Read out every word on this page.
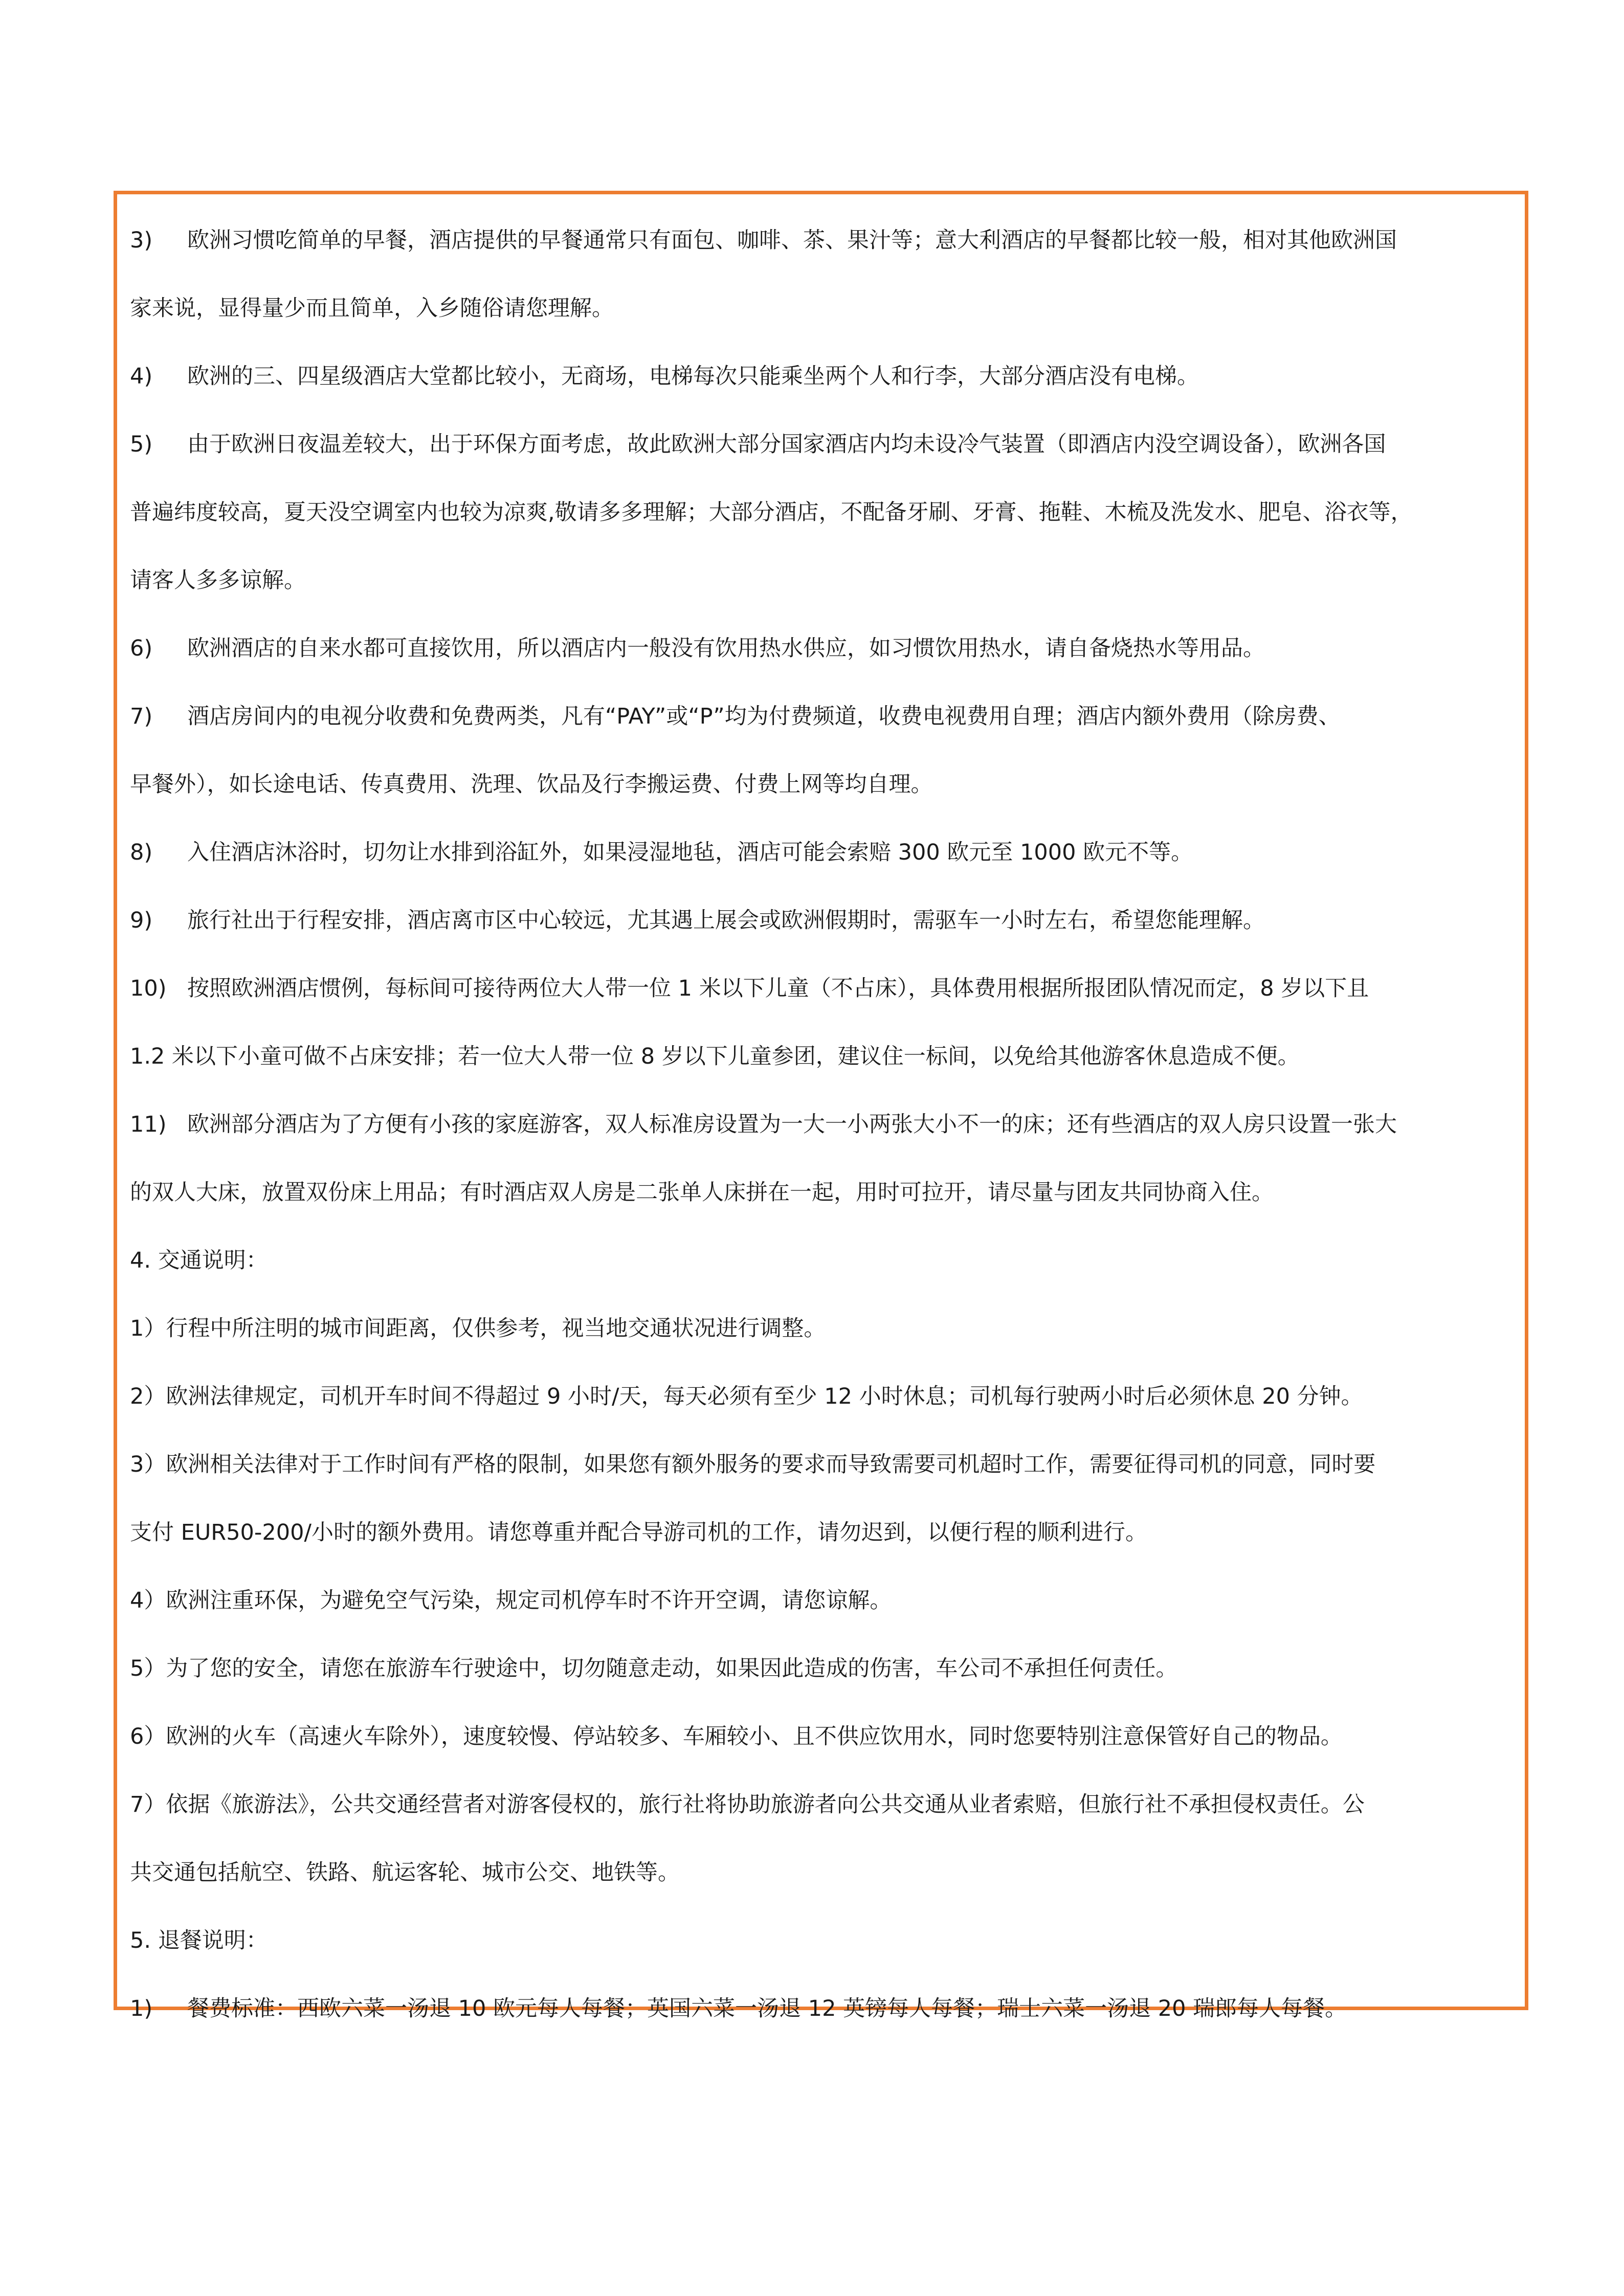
3) 欧洲习惯吃简单的早餐，酒店提供的早餐通常只有面包、咖啡、茶、果汁等；意大利酒店的早餐都比较一般，相对其他欧洲国
家来说，显得量少而且简单，入乡随俗请您理解。
4) 欧洲的三、四星级酒店大堂都比较小，无商场，电梯每次只能乘坐两个人和行李，大部分酒店没有电梯。
5) 由于欧洲日夜温差较大，出于环保方面考虑，故此欧洲大部分国家酒店内均未设冷气装置（即酒店内没空调设备），欧洲各国
普遍纬度较高，夏天没空调室内也较为凉爽,敬请多多理解；大部分酒店，不配备牙刷、牙膏、拖鞋、木梳及洗发水、肥皂、浴衣等，
请客人多多谅解。
6) 欧洲酒店的自来水都可直接饮用，所以酒店内一般没有饮用热水供应，如习惯饮用热水，请自备烧热水等用品。
7) 酒店房间内的电视分收费和免费两类，凡有“PAY”或“P”均为付费频道，收费电视费用自理；酒店内额外费用（除房费、
早餐外），如长途电话、传真费用、洗理、饮品及行李搬运费、付费上网等均自理。
8) 入住酒店沐浴时，切勿让水排到浴缸外，如果浸湿地毡，酒店可能会索赔 300 欧元至 1000 欧元不等。
9) 旅行社出于行程安排，酒店离市区中心较远，尤其遇上展会或欧洲假期时，需驱车一小时左右，希望您能理解。
10) 按照欧洲酒店惯例，每标间可接待两位大人带一位 1 米以下儿童（不占床），具体费用根据所报团队情况而定，8 岁以下且
1.2 米以下小童可做不占床安排；若一位大人带一位 8 岁以下儿童参团，建议住一标间，以免给其他游客休息造成不便。
11) 欧洲部分酒店为了方便有小孩的家庭游客，双人标准房设置为一大一小两张大小不一的床；还有些酒店的双人房只设置一张大
的双人大床，放置双份床上用品；有时酒店双人房是二张单人床拼在一起，用时可拉开，请尽量与团友共同协商入住。
4. 交通说明：
1）行程中所注明的城市间距离，仅供参考，视当地交通状况进行调整。
2）欧洲法律规定，司机开车时间不得超过 9 小时/天，每天必须有至少 12 小时休息；司机每行驶两小时后必须休息 20 分钟。
3）欧洲相关法律对于工作时间有严格的限制，如果您有额外服务的要求而导致需要司机超时工作，需要征得司机的同意，同时要
支付 EUR50-200/小时的额外费用。请您尊重并配合导游司机的工作，请勿迟到，以便行程的顺利进行。
4）欧洲注重环保，为避免空气污染，规定司机停车时不许开空调，请您谅解。
5）为了您的安全，请您在旅游车行驶途中，切勿随意走动，如果因此造成的伤害，车公司不承担任何责任。
6）欧洲的火车（高速火车除外），速度较慢、停站较多、车厢较小、且不供应饮用水，同时您要特别注意保管好自己的物品。
7）依据《旅游法》，公共交通经营者对游客侵权的，旅行社将协助旅游者向公共交通从业者索赔，但旅行社不承担侵权责任。公
共交通包括航空、铁路、航运客轮、城市公交、地铁等。
5. 退餐说明：
1) 餐费标准：西欧六菜一汤退 10 欧元每人每餐；英国六菜一汤退 12 英镑每人每餐；瑞士六菜一汤退 20 瑞郎每人每餐。
